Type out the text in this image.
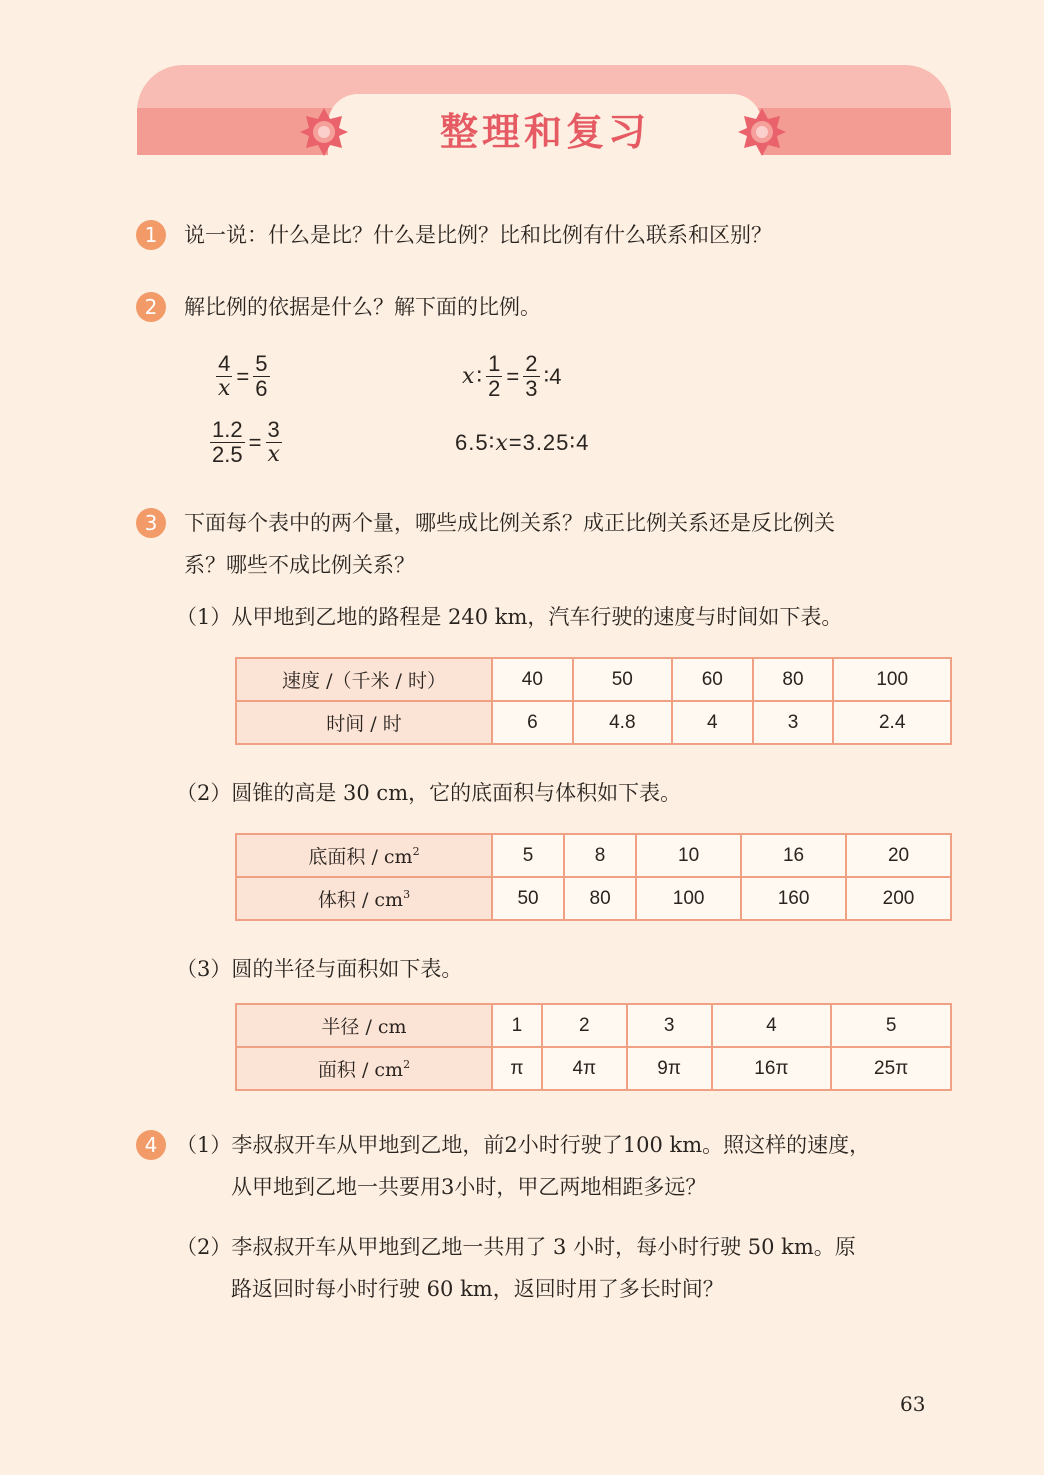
整理和复习
1	说一说：什么是比？什么是比例？比和比例有什么联系和区别？
2	解比例的依据是什么？解下面的比例。
$\frac{4}{x} = \frac{5}{6}$
$\frac{1.2}{2.5} = \frac{3}{x}$
x ∶ $\frac{1}{2} = \frac{2}{3}$ ∶4
6.5∶ x =3.25∶4
3	下面每个表中的两个量，哪些成比例关系？成正比例关系还是反比例关
系？哪些不成比例关系？
（1）从甲地到乙地的路程是 240 km，汽车行驶的速度与时间如下表。
速度 /（千米 / 时）	40	50	60	80	100
时间 / 时	6	4.8	4	3	2.4
（2）圆锥的高是 30 cm，它的底面积与体积如下表。
底面积 / $cm^2$	5	8	10	16	20
体积 / $cm^3$	50	80	100	160	200
（3）圆的半径与面积如下表。
半径 / cm	1	2	3	4	5
面积 / $cm^2$	π	4π	9π	16π	25π
4 （1）李叔叔开车从甲地到乙地，前2小时行驶了100 km。照这样的速度，
从甲地到乙地一共要用3小时，甲乙两地相距多远？
（2）李叔叔开车从甲地到乙地一共用了 3 小时，每小时行驶 50 km。原
路返回时每小时行驶 60 km，返回时用了多长时间？
63
